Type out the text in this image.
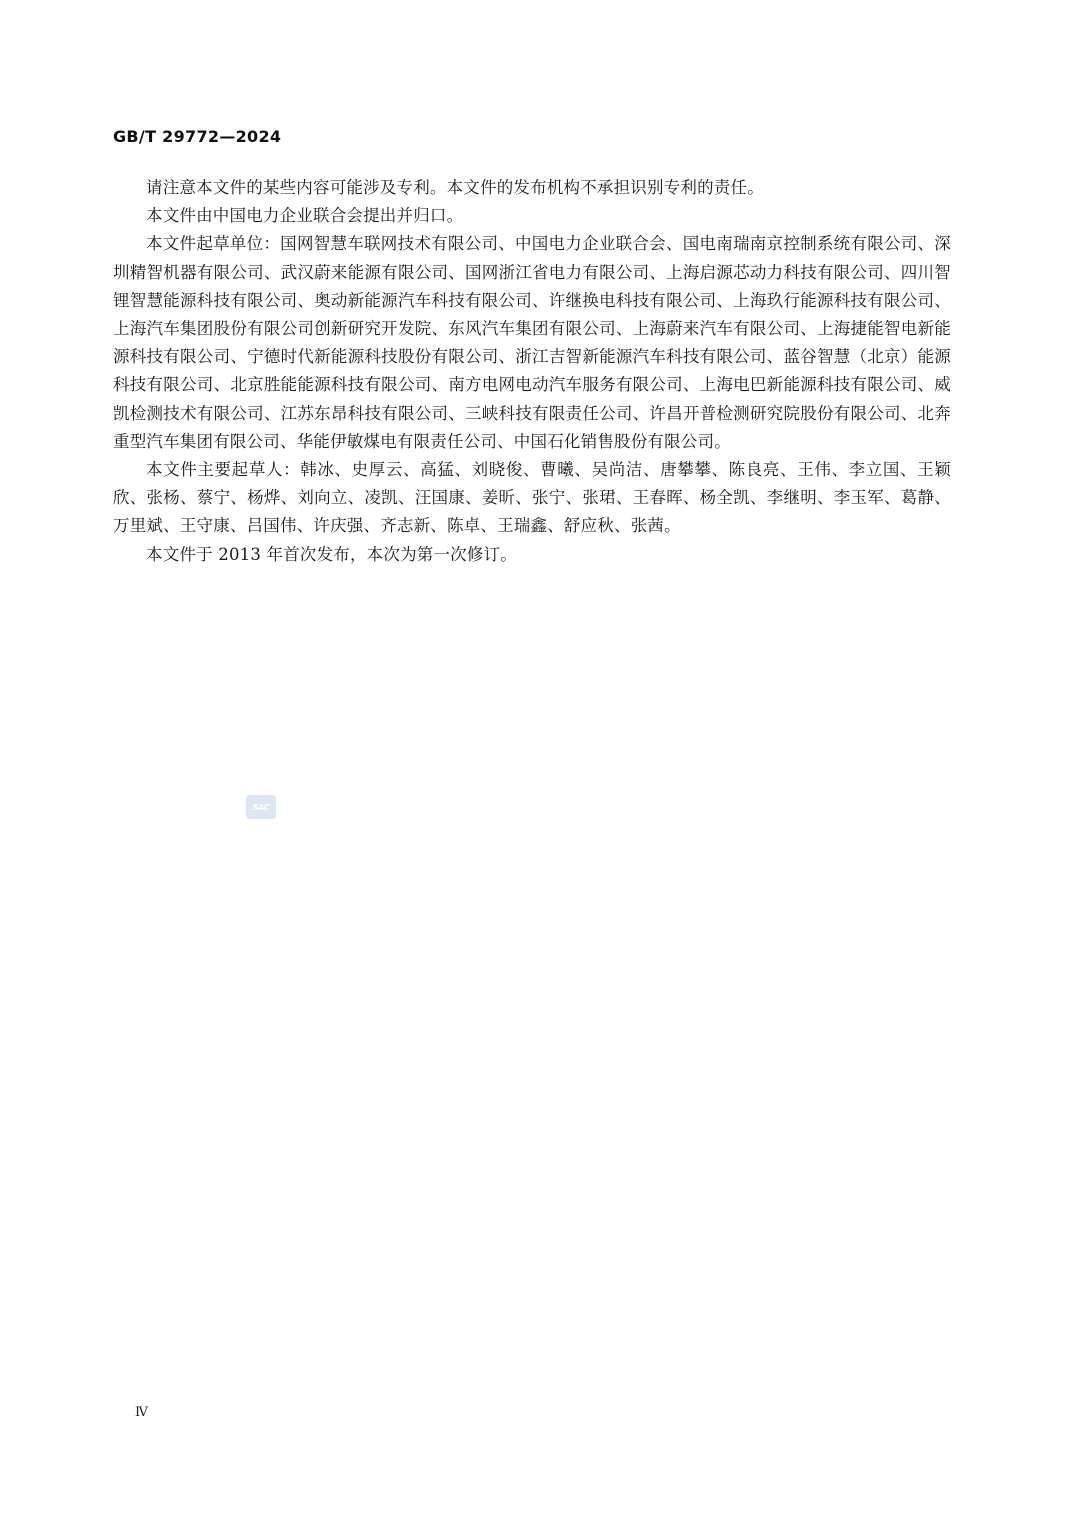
GB/T 29772—2024

请注意本文件的某些内容可能涉及专利。本文件的发布机构不承担识别专利的责任。

本文件由中国电力企业联合会提出并归口。

本文件起草单位：国网智慧车联网技术有限公司、中国电力企业联合会、国电南瑞南京控制系统有限公司、深圳精智机器有限公司、武汉蔚来能源有限公司、国网浙江省电力有限公司、上海启源芯动力科技有限公司、四川智锂智慧能源科技有限公司、奥动新能源汽车科技有限公司、许继换电科技有限公司、上海玖行能源科技有限公司、上海汽车集团股份有限公司创新研究开发院、东风汽车集团有限公司、上海蔚来汽车有限公司、上海捷能智电新能源科技有限公司、宁德时代新能源科技股份有限公司、浙江吉智新能源汽车科技有限公司、蓝谷智慧（北京）能源科技有限公司、北京胜能能源科技有限公司、南方电网电动汽车服务有限公司、上海电巴新能源科技有限公司、威凯检测技术有限公司、江苏东昂科技有限公司、三峡科技有限责任公司、许昌开普检测研究院股份有限公司、北奔重型汽车集团有限公司、华能伊敏煤电有限责任公司、中国石化销售股份有限公司。

本文件主要起草人：韩冰、史厚云、高猛、刘晓俊、曹曦、吴尚洁、唐攀攀、陈良亮、王伟、李立国、王颖欣、张杨、蔡宁、杨烨、刘向立、凌凯、汪国康、姜昕、张宁、张珺、王春晖、杨全凯、李继明、李玉军、葛静、万里斌、王守康、吕国伟、许庆强、齐志新、陈卓、王瑞鑫、舒应秋、张茜。

本文件于 2013 年首次发布，本次为第一次修订。

SAC
Ⅳ
